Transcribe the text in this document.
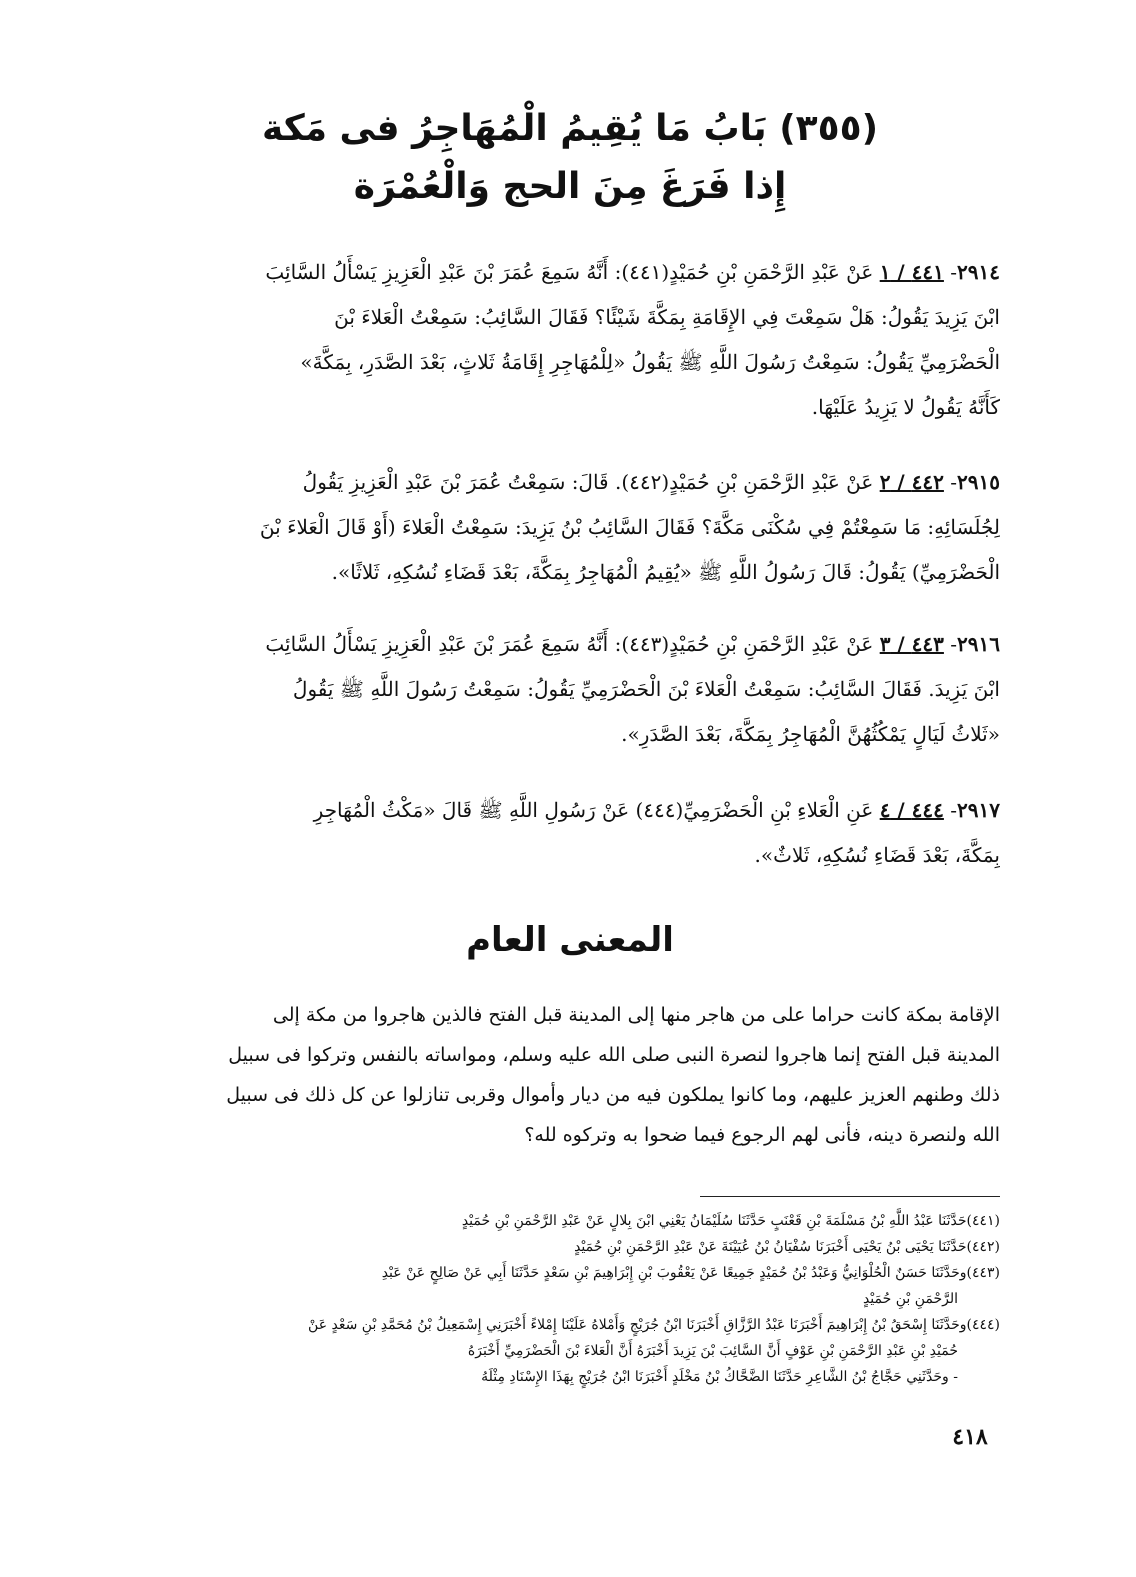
(٣٥٥) بَابُ مَا يُقِيمُ الْمُهَاجِرُ فى مَكة
إِذا فَرَغَ مِنَ الحج وَالْعُمْرَة
٢٩١٤- ٤٤١ / ١ عَنْ عَبْدِ الرَّحْمَنِ بْنِ حُمَيْدٍ(٤٤١): أَنَّهُ سَمِعَ عُمَرَ بْنَ عَبْدِ الْعَزِيزِ يَسْأَلُ السَّائِبَ
ابْنَ يَزِيدَ يَقُولُ: هَلْ سَمِعْتَ فِي الإِقَامَةِ بِمَكَّةَ شَيْئًا؟ فَقَالَ السَّائِبُ: سَمِعْتُ الْعَلاءَ بْنَ
الْحَضْرَمِيِّ يَقُولُ: سَمِعْتُ رَسُولَ اللَّهِ ﷺ يَقُولُ «لِلْمُهَاجِرِ إِقَامَةُ ثَلاثٍ، بَعْدَ الصَّدَرِ، بِمَكَّةَ»
كَأَنَّهُ يَقُولُ لا يَزِيدُ عَلَيْهَا.
٢٩١٥- ٤٤٢ / ٢ عَنْ عَبْدِ الرَّحْمَنِ بْنِ حُمَيْدٍ(٤٤٢). قَالَ: سَمِعْتُ عُمَرَ بْنَ عَبْدِ الْعَزِيزِ يَقُولُ
لِجُلَسَائِهِ: مَا سَمِعْتُمْ فِي سُكْنَى مَكَّةَ؟ فَقَالَ السَّائِبُ بْنُ يَزِيدَ: سَمِعْتُ الْعَلاءَ (أَوْ قَالَ الْعَلاءَ بْنَ
الْحَضْرَمِيِّ) يَقُولُ: قَالَ رَسُولُ اللَّهِ ﷺ «يُقِيمُ الْمُهَاجِرُ بِمَكَّةَ، بَعْدَ قَضَاءِ نُسُكِهِ، ثَلاثًا».
٢٩١٦- ٤٤٣ / ٣ عَنْ عَبْدِ الرَّحْمَنِ بْنِ حُمَيْدٍ(٤٤٣): أَنَّهُ سَمِعَ عُمَرَ بْنَ عَبْدِ الْعَزِيزِ يَسْأَلُ السَّائِبَ
ابْنَ يَزِيدَ. فَقَالَ السَّائِبُ: سَمِعْتُ الْعَلاءَ بْنَ الْحَضْرَمِيِّ يَقُولُ: سَمِعْتُ رَسُولَ اللَّهِ ﷺ يَقُولُ
«ثَلاثُ لَيَالٍ يَمْكُثُهُنَّ الْمُهَاجِرُ بِمَكَّةَ، بَعْدَ الصَّدَرِ».
٢٩١٧- ٤٤٤ / ٤ عَنِ الْعَلاءِ بْنِ الْحَضْرَمِيِّ(٤٤٤) عَنْ رَسُولِ اللَّهِ ﷺ قَالَ «مَكْثُ الْمُهَاجِرِ
بِمَكَّةَ، بَعْدَ قَضَاءِ نُسُكِهِ، ثَلاثٌ».
المعنى العام
الإقامة بمكة كانت حراما على من هاجر منها إلى المدينة قبل الفتح فالذين هاجروا من مكة إلى
المدينة قبل الفتح إنما هاجروا لنصرة النبى صلى الله عليه وسلم، ومواساته بالنفس وتركوا فى سبيل
ذلك وطنهم العزيز عليهم، وما كانوا يملكون فيه من ديار وأموال وقربى تنازلوا عن كل ذلك فى سبيل
الله ولنصرة دينه، فأنى لهم الرجوع فيما ضحوا به وتركوه لله؟
(٤٤١)حَدَّثَنَا عَبْدُ اللَّهِ بْنُ مَسْلَمَةَ بْنِ قَعْنَبٍ حَدَّثَنَا سُلَيْمَانُ يَعْنِي ابْنَ بِلالٍ عَنْ عَبْدِ الرَّحْمَنِ بْنِ حُمَيْدٍ
(٤٤٢)حَدَّثَنَا يَحْيَى بْنُ يَحْيَى أَخْبَرَنَا سُفْيَانُ بْنُ عُيَيْنَةَ عَنْ عَبْدِ الرَّحْمَنِ بْنِ حُمَيْدٍ
(٤٤٣)وحَدَّثَنَا حَسَنٌ الْحُلْوَانِيُّ وَعَبْدُ بْنُ حُمَيْدٍ جَمِيعًا عَنْ يَعْقُوبَ بْنِ إِبْرَاهِيمَ بْنِ سَعْدٍ حَدَّثَنَا أَبِي عَنْ صَالِحٍ عَنْ عَبْدِ
الرَّحْمَنِ بْنِ حُمَيْدٍ
(٤٤٤)وحَدَّثَنَا إِسْحَقُ بْنُ إِبْرَاهِيمَ أَخْبَرَنَا عَبْدُ الرَّزَّاقِ أَخْبَرَنَا ابْنُ جُرَيْجٍ وَأَمْلاهُ عَلَيْنَا إِمْلاءً أَخْبَرَنِي إِسْمَعِيلُ بْنُ مُحَمَّدِ بْنِ سَعْدٍ عَنْ
حُمَيْدِ بْنِ عَبْدِ الرَّحْمَنِ بْنِ عَوْفٍ أَنَّ السَّائِبَ بْنَ يَزِيدَ أَخْبَرَهُ أَنَّ الْعَلاءَ بْنَ الْحَضْرَمِيِّ أَخْبَرَهُ
- وحَدَّثَنِي حَجَّاجُ بْنُ الشَّاعِرِ حَدَّثَنَا الضَّحَّاكُ بْنُ مَخْلَدٍ أَخْبَرَنَا ابْنُ جُرَيْجٍ بِهَذَا الإِسْنَادِ مِثْلَهُ
٤١٨
